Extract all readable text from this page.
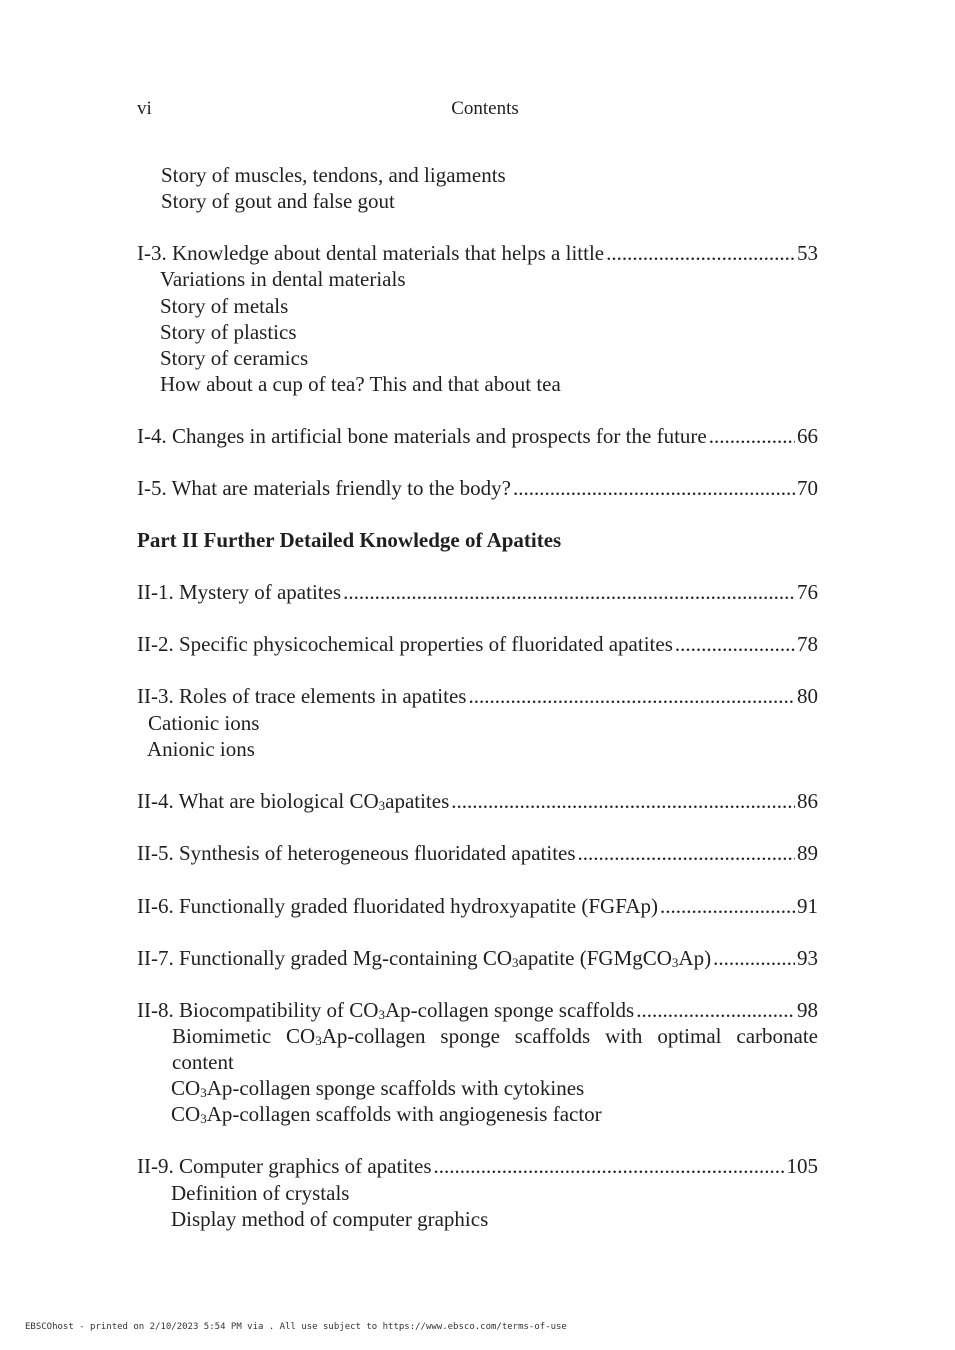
vi	Contents
Story of muscles, tendons, and ligaments
Story of gout and false gout
I-3. Knowledge about dental materials that helps a little .....	53
Variations in dental materials
Story of metals
Story of plastics
Story of ceramics
How about a cup of tea? This and that about tea
I-4. Changes in artificial bone materials and prospects for the future .....	66
I-5. What are materials friendly to the body? .....	70
Part II Further Detailed Knowledge of Apatites
II-1. Mystery of apatites .....	76
II-2. Specific physicochemical properties of fluoridated apatites .....	78
II-3. Roles of trace elements in apatites .....	80
Cationic ions
Anionic ions
II-4. What are biological $CO_3apatites$ .....	86
II-5. Synthesis of heterogeneous fluoridated apatites .....	89
II-6. Functionally graded fluoridated hydroxyapatite (FGFAp) .....	91
II-7. Functionally graded Mg-containing $CO_3apatite$ (FGMgCO$_3$Ap) .....	93
II-8. Biocompatibility of $CO_3Ap$-collagen sponge scaffolds .....	98
Biomimetic $CO_3Ap$-collagen sponge scaffolds with optimal carbonate
content
$CO_3Ap$-collagen sponge scaffolds with cytokines
$CO_3Ap$-collagen scaffolds with angiogenesis factor
II-9. Computer graphics of apatites .....	105
Definition of crystals
Display method of computer graphics
EBSCOhost - printed on 2/10/2023 5:54 PM via . All use subject to https://www.ebsco.com/terms-of-use
